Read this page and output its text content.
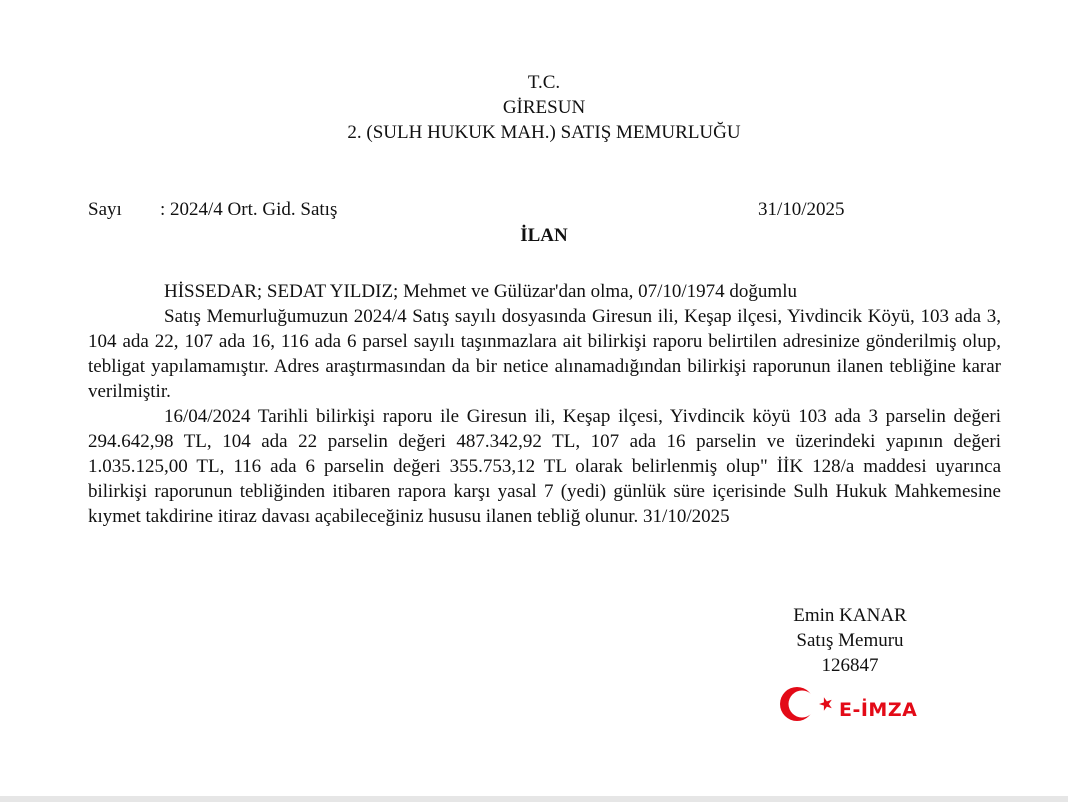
T.C.
GİRESUN
2. (SULH HUKUK MAH.) SATIŞ MEMURLUĞU
Sayı : 2024/4 Ort. Gid. Satış	31/10/2025
İLAN

HİSSEDAR; SEDAT YILDIZ; Mehmet ve Gülüzar'dan olma, 07/10/1974 doğumlu

Satış Memurluğumuzun 2024/4 Satış sayılı dosyasında Giresun ili, Keşap ilçesi, Yivdincik Köyü, 103 ada 3, 104 ada 22, 107 ada 16, 116 ada 6 parsel sayılı taşınmazlara ait bilirkişi raporu belirtilen adresinize gönderilmiş olup, tebligat yapılamamıştır. Adres araştırmasından da bir netice alınamadığından bilirkişi raporunun ilanen tebliğine karar verilmiştir.

16/04/2024 Tarihli bilirkişi raporu ile Giresun ili, Keşap ilçesi, Yivdincik köyü 103 ada 3 parselin değeri 294.642,98 TL, 104 ada 22 parselin değeri 487.342,92 TL, 107 ada 16 parselin ve üzerindeki yapının değeri 1.035.125,00 TL, 116 ada 6 parselin değeri 355.753,12 TL olarak belirlenmiş olup" İİK 128/a maddesi uyarınca bilirkişi raporunun tebliğinden itibaren rapora karşı yasal 7 (yedi) günlük süre içerisinde Sulh Hukuk Mahkemesine kıymet takdirine itiraz davası açabileceğiniz hususu ilanen tebliğ olunur. 31/10/2025

Emin KANAR
Satış Memuru
126847
E-İMZA
